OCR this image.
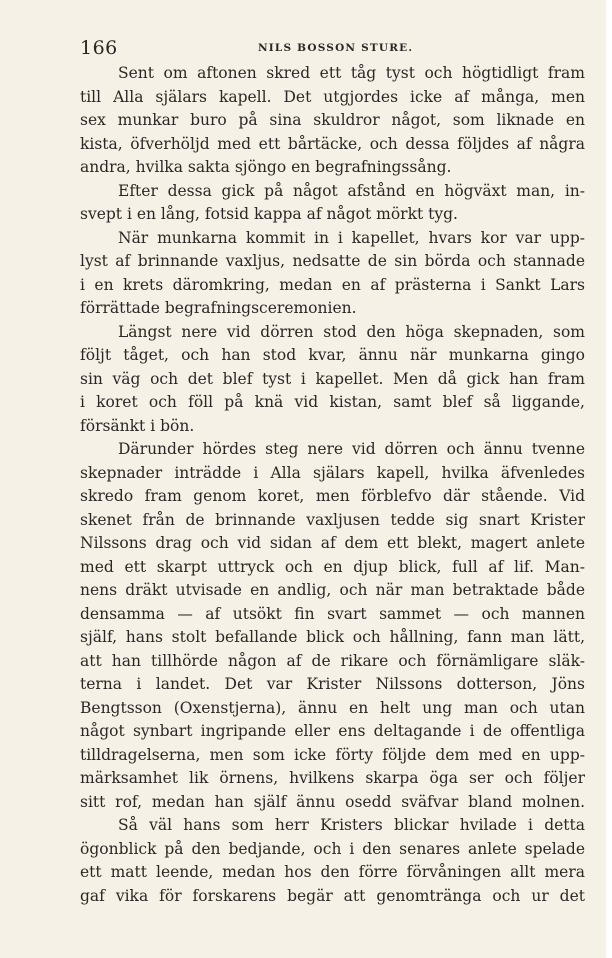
166	NILS BOSSON STURE.
Sent om aftonen skred ett tåg tyst och högtidligt fram
till Alla själars kapell. Det utgjordes icke af många, men
sex munkar buro på sina skuldror något, som liknade en
kista, öfverhöljd med ett bårtäcke, och dessa följdes af några
andra, hvilka sakta sjöngo en begrafningssång.
Efter dessa gick på något afstånd en högväxt man, in-
svept i en lång, fotsid kappa af något mörkt tyg.
När munkarna kommit in i kapellet, hvars kor var upp-
lyst af brinnande vaxljus, nedsatte de sin börda och stannade
i en krets däromkring, medan en af prästerna i Sankt Lars
förrättade begrafningsceremonien.
Längst nere vid dörren stod den höga skepnaden, som
följt tåget, och han stod kvar, ännu när munkarna gingo
sin väg och det blef tyst i kapellet. Men då gick han fram
i koret och föll på knä vid kistan, samt blef så liggande,
försänkt i bön.
Därunder hördes steg nere vid dörren och ännu tvenne
skepnader inträdde i Alla själars kapell, hvilka äfvenledes
skredo fram genom koret, men förblefvo där stående. Vid
skenet från de brinnande vaxljusen tedde sig snart Krister
Nilssons drag och vid sidan af dem ett blekt, magert anlete
med ett skarpt uttryck och en djup blick, full af lif. Man-
nens dräkt utvisade en andlig, och när man betraktade både
densamma — af utsökt fin svart sammet — och mannen
själf, hans stolt befallande blick och hållning, fann man lätt,
att han tillhörde någon af de rikare och förnämligare släk-
terna i landet. Det var Krister Nilssons dotterson, Jöns
Bengtsson (Oxenstjerna), ännu en helt ung man och utan
något synbart ingripande eller ens deltagande i de offentliga
tilldragelserna, men som icke förty följde dem med en upp-
märksamhet lik örnens, hvilkens skarpa öga ser och följer
sitt rof, medan han själf ännu osedd sväfvar bland molnen.
Så väl hans som herr Kristers blickar hvilade i detta
ögonblick på den bedjande, och i den senares anlete spelade
ett matt leende, medan hos den förre förvåningen allt mera
gaf vika för forskarens begär att genomtränga och ur det
